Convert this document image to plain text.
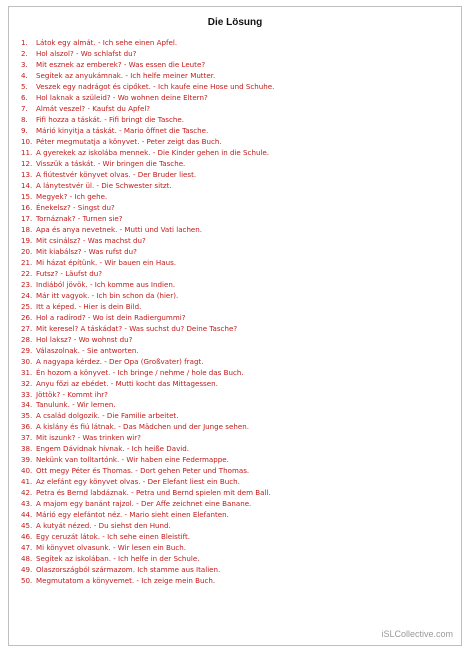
Die Lösung
1. Látok egy almát. - Ich sehe einen Apfel.
2. Hol alszol? - Wo schlafst du?
3. Mit esznek az emberek? - Was essen die Leute?
4. Segítek az anyukámnak. - Ich helfe meiner Mutter.
5. Veszek egy nadrágot és cipőket. - Ich kaufe eine Hose und Schuhe.
6. Hol laknak a szüleid? - Wo wohnen deine Eltern?
7. Almát veszel? - Kaufst du Apfel?
8. Fifi hozza a táskát. - Fifi bringt die Tasche.
9. Márió kinyitja a táskát. - Mario öffnet die Tasche.
10. Péter megmutatja a könyvet. - Peter zeigt das Buch.
11. A gyerekek az iskolába mennek. - Die Kinder gehen in die Schule.
12. Visszük a táskát. - Wir bringen die Tasche.
13. A fiútestvér könyvet olvas. - Der Bruder liest.
14. A lánytestvér ül. - Die Schwester sitzt.
15. Megyek? - Ich gehe.
16. Énekelsz? - Singst du?
17. Tornáznak? - Turnen sie?
18. Apa és anya nevetnek. - Mutti und Vati lachen.
19. Mit csinálsz? - Was machst du?
20. Mit kiabálsz? - Was rufst du?
21. Mi házat építünk. - Wir bauen ein Haus.
22. Futsz? - Läufst du?
23. Indiából jövök. - Ich komme aus Indien.
24. Már itt vagyok. - Ich bin schon da (hier).
25. Itt a képed. - Hier is dein Bild.
26. Hol a radírod? - Wo ist dein Radiergummi?
27. Mit keresel? A táskádat? - Was suchst du? Deine Tasche?
28. Hol laksz? - Wo wohnst du?
29. Válaszolnak. - Sie antworten.
30. A nagyapa kérdez. - Der Opa (Großvater) fragt.
31. Én hozom a könyvet. - Ich bringe / nehme / hole das Buch.
32. Anyu főzi az ebédet. - Mutti kocht das Mittagessen.
33. Jöttök? - Kommt ihr?
34. Tanulunk. - Wir lernen.
35. A család dolgozik. - Die Familie arbeitet.
36. A kislány és fiú látnak. - Das Mädchen und der Junge sehen.
37. Mit iszunk? - Was trinken wir?
38. Engem Dávidnak hívnak. - Ich heiße David.
39. Nekünk van tolltartónk. - Wir haben eine Federmappe.
40. Ott megy Péter és Thomas. - Dort gehen Peter und Thomas.
41. Az elefánt egy könyvet olvas. - Der Elefant liest ein Buch.
42. Petra és Bernd labdáznak. - Petra und Bernd spielen mit dem Ball.
43. A majom egy banánt rajzol. - Der Affe zeichnet eine Banane.
44. Márió egy elefántot néz. - Mario sieht einen Elefanten.
45. A kutyát nézed. - Du siehst den Hund.
46. Egy ceruzát látok. - Ich sehe einen Bleistift.
47. Mi könyvet olvasunk. - Wir lesen ein Buch.
48. Segítek az iskolában. - Ich helfe in der Schule.
49. Olaszországból származom. Ich stamme aus Italien.
50. Megmutatom a könyvemet. - Ich zeige mein Buch.
iSLCollective.com
